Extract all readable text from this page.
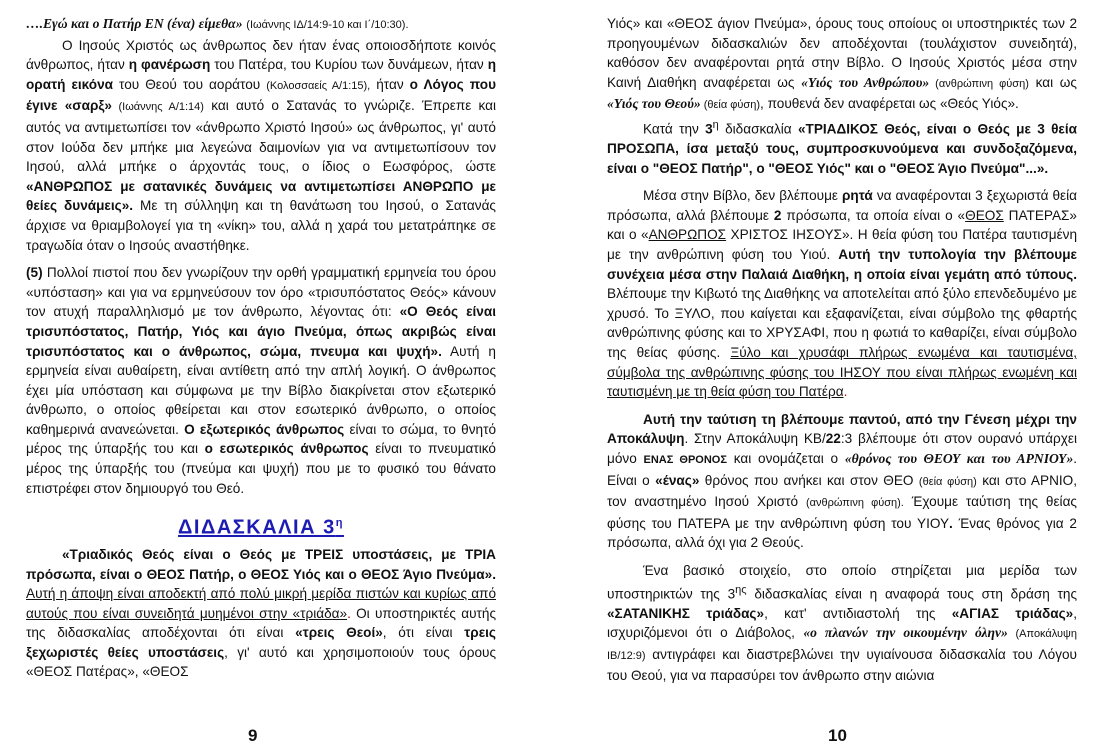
….Εγώ και ο Πατήρ ΕΝ (ένα) είμεθα» (Ιωάννης ΙΔ/14:9-10 και Ι΄/10:30).

Ο Ιησούς Χριστός ως άνθρωπος δεν ήταν ένας οποιοσδήποτε κοινός άνθρωπος, ήταν η φανέρωση του Πατέρα, του Κυρίου των δυνάμεων, ήταν η ορατή εικόνα του Θεού του αοράτου (Κολοσσαείς Α/1:15), ήταν ο Λόγος που έγινε «σαρξ» (Ιωάννης Α/1:14) και αυτό ο Σατανάς το γνώριζε. Έπρεπε και αυτός να αντιμετωπίσει τον «άνθρωπο Χριστό Ιησού» ως άνθρωπος, γι' αυτό στον Ιούδα δεν μπήκε μια λεγεώνα δαιμονίων για να αντιμετωπίσουν τον Ιησού, αλλά μπήκε ο άρχοντάς τους, ο ίδιος ο Εωσφόρος, ώστε «ΑΝΘΡΩΠΟΣ με σατανικές δυνάμεις να αντιμετωπίσει ΑΝΘΡΩΠΟ με θείες δυνάμεις». Με τη σύλληψη και τη θανάτωση του Ιησού, ο Σατανάς άρχισε να θριαμβολογεί για τη «νίκη» του, αλλά η χαρά του μετατράπηκε σε τραγωδία όταν ο Ιησούς αναστήθηκε.

(5) Πολλοί πιστοί που δεν γνωρίζουν την ορθή γραμματική ερμηνεία του όρου «υπόσταση» και για να ερμηνεύσουν τον όρο «τρισυπόστατος Θεός» κάνουν τον ατυχή παραλληλισμό με τον άνθρωπο, λέγοντας ότι: «Ο Θεός είναι τρισυπόστατος, Πατήρ, Υιός και άγιο Πνεύμα, όπως ακριβώς είναι τρισυπόστατος και ο άνθρωπος, σώμα, πνευμα και ψυχή». Αυτή η ερμηνεία είναι αυθαίρετη, είναι αντίθετη από την απλή λογική. Ο άνθρωπος έχει μία υπόσταση και σύμφωνα με την Βίβλο διακρίνεται στον εξωτερικό άνθρωπο, ο οποίος φθείρεται και στον εσωτερικό άνθρωπο, ο οποίος καθημερινά ανανεώνεται. Ο εξωτερικός άνθρωπος είναι το σώμα, το θνητό μέρος της ύπαρξής του και ο εσωτερικός άνθρωπος είναι το πνευματικό μέρος της ύπαρξής του (πνεύμα και ψυχή) που με το φυσικό του θάνατο επιστρέφει στον δημιουργό του Θεό.

ΔΙΔΑΣΚΑΛΙΑ $3^\eta$

«Τριαδικός Θεός είναι ο Θεός με ΤΡΕΙΣ υποστάσεις, με ΤΡΙΑ πρόσωπα, είναι ο ΘΕΟΣ Πατήρ, ο ΘΕΟΣ Υιός και ο ΘΕΟΣ Άγιο Πνεύμα». Αυτή η άποψη είναι αποδεκτή από πολύ μικρή μερίδα πιστών και κυρίως από αυτούς που είναι συνειδητά μυημένοι στην «τριάδα». Οι υποστηρικτές αυτής της διδασκαλίας αποδέχονται ότι είναι «τρεις Θεοί», ότι είναι τρεις ξεχωριστές θείες υποστάσεις, γι' αυτό και χρησιμοποιούν τους όρους «ΘΕΟΣ Πατέρας», «ΘΕΟΣ

Υιός» και «ΘΕΟΣ άγιον Πνεύμα», όρους τους οποίους οι υποστηρικτές των 2 προηγουμένων διδασκαλιών δεν αποδέχονται (τουλάχιστον συνειδητά), καθόσον δεν αναφέρονται ρητά στην Βίβλο. Ο Ιησούς Χριστός μέσα στην Καινή Διαθήκη αναφέρεται ως «Υιός του Ανθρώπου» (ανθρώπινη φύση) και ως «Υιός του Θεού» (θεία φύση), πουθενά δεν αναφέρεται ως «Θεός Υιός».

Κατά την $3^\eta$ διδασκαλία «ΤΡΙΑΔΙΚΟΣ Θεός, είναι ο Θεός με 3 θεία ΠΡΟΣΩΠΑ, ίσα μεταξύ τους, συμπροσκυνούμενα και συνδοξαζόμενα, είναι ο "ΘΕΟΣ Πατήρ", ο "ΘΕΟΣ Υιός" και ο "ΘΕΟΣ Άγιο Πνεύμα"...».

Μέσα στην Βίβλο, δεν βλέπουμε ρητά να αναφέρονται 3 ξεχωριστά θεία πρόσωπα, αλλά βλέπουμε 2 πρόσωπα, τα οποία είναι ο «ΘΕΟΣ ΠΑΤΕΡΑΣ» και ο «ΑΝΘΡΩΠΟΣ ΧΡΙΣΤΟΣ ΙΗΣΟΥΣ». Η θεία φύση του Πατέρα ταυτισμένη με την ανθρώπινη φύση του Υιού. Αυτή την τυπολογία την βλέπουμε συνέχεια μέσα στην Παλαιά Διαθήκη, η οποία είναι γεμάτη από τύπους. Βλέπουμε την Κιβωτό της Διαθήκης να αποτελείται από ξύλο επενδεδυμένο με χρυσό. Το ΞΥΛΟ, που καίγεται και εξαφανίζεται, είναι σύμβολο της φθαρτής ανθρώπινης φύσης και το ΧΡΥΣΑΦΙ, που η φωτιά το καθαρίζει, είναι σύμβολο της θείας φύσης. Ξύλο και χρυσάφι πλήρως ενωμένα και ταυτισμένα, σύμβολα της ανθρώπινης φύσης του ΙΗΣΟΥ που είναι πλήρως ενωμένη και ταυτισμένη με τη θεία φύση του Πατέρα.

Αυτή την ταύτιση τη βλέπουμε παντού, από την Γένεση μέχρι την Αποκάλυψη. Στην Αποκάλυψη ΚΒ/22:3 βλέπουμε ότι στον ουρανό υπάρχει μόνο ΕΝΑΣ ΘΡΟΝΟΣ και ονομάζεται ο «θρόνος του ΘΕΟΥ και του ΑΡΝΙΟΥ». Είναι ο «ένας» θρόνος που ανήκει και στον ΘΕΟ (θεία φύση) και στο ΑΡΝΙΟ, τον αναστημένο Ιησού Χριστό (ανθρώπινη φύση). Έχουμε ταύτιση της θείας φύσης του ΠΑΤΕΡΑ με την ανθρώπινη φύση του ΥΙΟΥ. Ένας θρόνος για 2 πρόσωπα, αλλά όχι για 2 Θεούς.

Ένα βασικό στοιχείο, στο οποίο στηρίζεται μια μερίδα των υποστηρικτών της $3^{\eta\varsigma}$ διδασκαλίας είναι η αναφορά τους στη δράση της «ΣΑΤΑΝΙΚΗΣ τριάδας», κατ' αντιδιαστολή της «ΑΓΙΑΣ τριάδας», ισχυριζόμενοι ότι ο Διάβολος, «ο πλανών την οικουμένην όλην» (Αποκάλυψη ΙΒ/12:9) αντιγράφει και διαστρεβλώνει την υγιαίνουσα διδασκαλία του Λόγου του Θεού, για να παρασύρει τον άνθρωπο στην αιώνια

9	10
